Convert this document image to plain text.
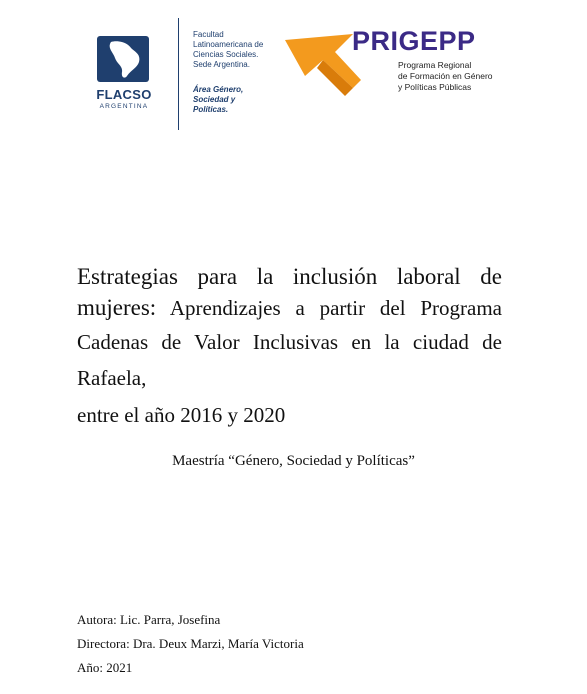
FLACSO
ARGENTINA
Facultad
Latinoamericana de
Ciencias Sociales.
Sede Argentina.
Área Género,
Sociedad y
Políticas.
PRIGEPP
Programa Regional
de Formación en Género
y Políticas Públicas
Estrategias para la inclusión laboral de
mujeres: Aprendizajes a partir del Programa
Cadenas de Valor Inclusivas en la ciudad de Rafaela,
entre el año 2016 y 2020
Maestría “Género, Sociedad y Políticas”
Autora: Lic. Parra, Josefina
Directora: Dra. Deux Marzi, María Victoria
Año: 2021
